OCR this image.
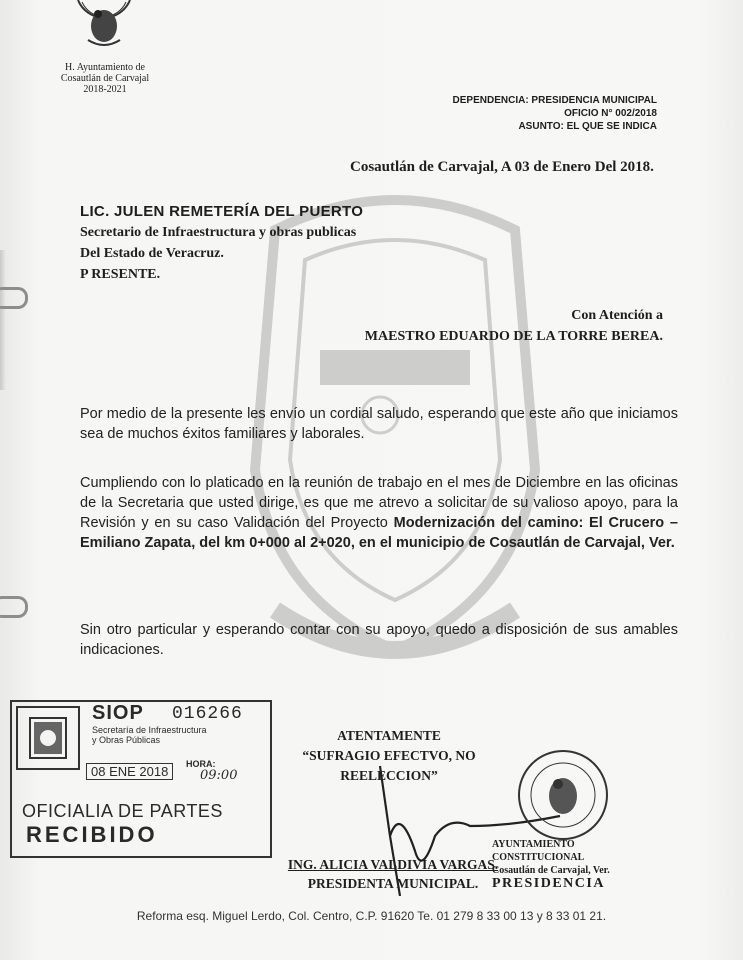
H. Ayuntamiento de
Cosautlán de Carvajal
2018-2021
DEPENDENCIA: PRESIDENCIA MUNICIPAL
OFICIO N° 002/2018
ASUNTO: EL QUE SE INDICA
Cosautlán de Carvajal, A 03 de Enero Del 2018.
LIC. JULEN REMETERÍA DEL PUERTO
Secretario de Infraestructura y obras publicas
Del Estado de Veracruz.
P RESENTE.
Con Atención a
MAESTRO EDUARDO DE LA TORRE BEREA.
Por medio de la presente les envío un cordial saludo, esperando que este año que iniciamos sea de muchos éxitos familiares y laborales.
Cumpliendo con lo platicado en la reunión de trabajo en el mes de Diciembre en las oficinas de la Secretaria que usted dirige, es que me atrevo a solicitar de su valioso apoyo, para la Revisión y en su caso Validación del Proyecto Modernización del camino: El Crucero – Emiliano Zapata, del km 0+000 al 2+020, en el municipio de Cosautlán de Carvajal, Ver.
Sin otro particular y esperando contar con su apoyo, quedo a disposición de sus amables indicaciones.
SIOP 016266
Secretaría de Infraestructura
y Obras Públicas
08 ENE 2018	HORA:
09:00
OFICIALIA DE PARTES
RECIBIDO
ATENTAMENTE
“SUFRAGIO EFECTVO, NO REELECCION”
AYUNTAMIENTO CONSTITUCIONAL
Cosautlán de Carvajal, Ver.
PRESIDENCIA
ING. ALICIA VALDIVIA VARGAS.
PRESIDENTA MUNICIPAL.
Reforma esq. Miguel Lerdo, Col. Centro, C.P. 91620 Te. 01 279 8 33 00 13 y 8 33 01 21.
